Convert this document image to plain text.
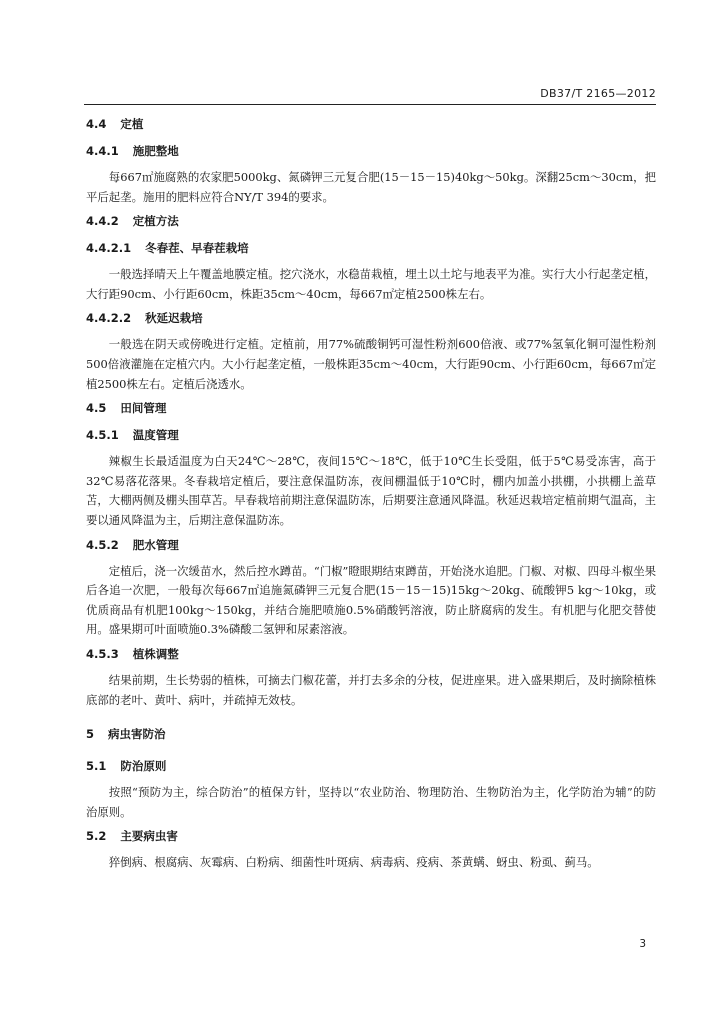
DB37/T 2165—2012
4.4 定植
4.4.1 施肥整地

每667㎡施腐熟的农家肥5000kg、氮磷钾三元复合肥(15－15－15)40kg～50kg。深翻25cm～30cm，把平后起垄。施用的肥料应符合NY/T 394的要求。

4.4.2 定植方法
4.4.2.1 冬春茬、早春茬栽培

一般选择晴天上午覆盖地膜定植。挖穴浇水，水稳苗栽植，埋土以土坨与地表平为准。实行大小行起垄定植，大行距90cm、小行距60cm，株距35cm～40cm，每667㎡定植2500株左右。

4.4.2.2 秋延迟栽培

一般选在阴天或傍晚进行定植。定植前，用77%硫酸铜钙可湿性粉剂600倍液、或77%氢氧化铜可湿性粉剂500倍液灌施在定植穴内。大小行起垄定植，一般株距35cm～40cm，大行距90cm、小行距60cm，每667㎡定植2500株左右。定植后浇透水。

4.5 田间管理
4.5.1 温度管理

辣椒生长最适温度为白天24℃～28℃，夜间15℃～18℃，低于10℃生长受阻，低于5℃易受冻害，高于32℃易落花落果。冬春栽培定植后，要注意保温防冻，夜间棚温低于10℃时，棚内加盖小拱棚，小拱棚上盖草苫，大棚两侧及棚头围草苫。早春栽培前期注意保温防冻，后期要注意通风降温。秋延迟栽培定植前期气温高，主要以通风降温为主，后期注意保温防冻。

4.5.2 肥水管理

定植后，浇一次缓苗水，然后控水蹲苗。“门椒”瞪眼期结束蹲苗，开始浇水追肥。门椒、对椒、四母斗椒坐果后各追一次肥，一般每次每667㎡追施氮磷钾三元复合肥(15－15－15)15kg～20kg、硫酸钾5 kg～10kg，或优质商品有机肥100kg～150kg，并结合施肥喷施0.5%硝酸钙溶液，防止脐腐病的发生。有机肥与化肥交替使用。盛果期可叶面喷施0.3%磷酸二氢钾和尿素溶液。

4.5.3 植株调整

结果前期，生长势弱的植株，可摘去门椒花蕾，并打去多余的分枝，促进座果。进入盛果期后，及时摘除植株底部的老叶、黄叶、病叶，并疏掉无效枝。

5 病虫害防治
5.1 防治原则

按照“预防为主，综合防治”的植保方针，坚持以“农业防治、物理防治、生物防治为主，化学防治为辅”的防治原则。

5.2 主要病虫害

猝倒病、根腐病、灰霉病、白粉病、细菌性叶斑病、病毒病、疫病、茶黄螨、蚜虫、粉虱、蓟马。

3
